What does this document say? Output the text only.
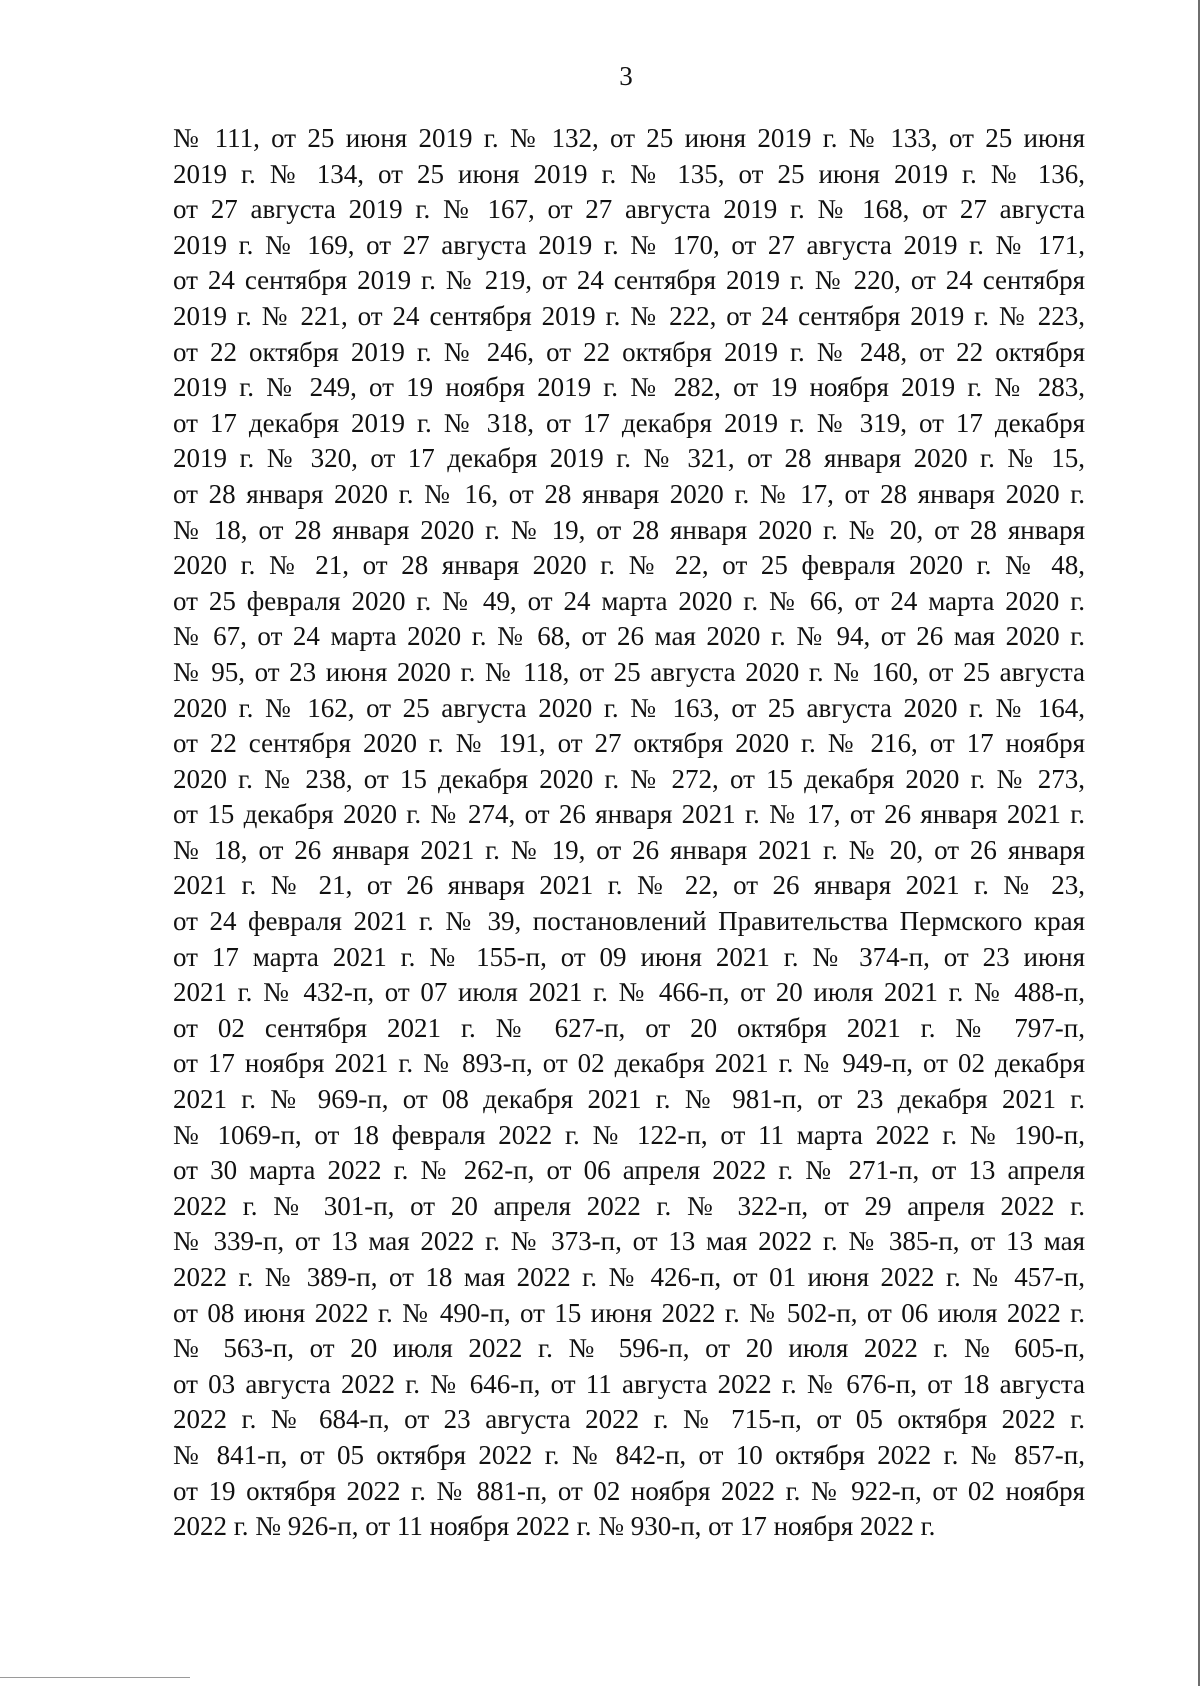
3
№ 111, от 25 июня 2019 г. № 132, от 25 июня 2019 г. № 133, от 25 июня
2019 г. № 134, от 25 июня 2019 г. № 135, от 25 июня 2019 г. № 136,
от 27 августа 2019 г. № 167, от 27 августа 2019 г. № 168, от 27 августа
2019 г. № 169, от 27 августа 2019 г. № 170, от 27 августа 2019 г. № 171,
от 24 сентября 2019 г. № 219, от 24 сентября 2019 г. № 220, от 24 сентября
2019 г. № 221, от 24 сентября 2019 г. № 222, от 24 сентября 2019 г. № 223,
от 22 октября 2019 г. № 246, от 22 октября 2019 г. № 248, от 22 октября
2019 г. № 249, от 19 ноября 2019 г. № 282, от 19 ноября 2019 г. № 283,
от 17 декабря 2019 г. № 318, от 17 декабря 2019 г. № 319, от 17 декабря
2019 г. № 320, от 17 декабря 2019 г. № 321, от 28 января 2020 г. № 15,
от 28 января 2020 г. № 16, от 28 января 2020 г. № 17, от 28 января 2020 г.
№ 18, от 28 января 2020 г. № 19, от 28 января 2020 г. № 20, от 28 января
2020 г. № 21, от 28 января 2020 г. № 22, от 25 февраля 2020 г. № 48,
от 25 февраля 2020 г. № 49, от 24 марта 2020 г. № 66, от 24 марта 2020 г.
№ 67, от 24 марта 2020 г. № 68, от 26 мая 2020 г. № 94, от 26 мая 2020 г.
№ 95, от 23 июня 2020 г. № 118, от 25 августа 2020 г. № 160, от 25 августа
2020 г. № 162, от 25 августа 2020 г. № 163, от 25 августа 2020 г. № 164,
от 22 сентября 2020 г. № 191, от 27 октября 2020 г. № 216, от 17 ноября
2020 г. № 238, от 15 декабря 2020 г. № 272, от 15 декабря 2020 г. № 273,
от 15 декабря 2020 г. № 274, от 26 января 2021 г. № 17, от 26 января 2021 г.
№ 18, от 26 января 2021 г. № 19, от 26 января 2021 г. № 20, от 26 января
2021 г. № 21, от 26 января 2021 г. № 22, от 26 января 2021 г. № 23,
от 24 февраля 2021 г. № 39, постановлений Правительства Пермского края
от 17 марта 2021 г. № 155-п, от 09 июня 2021 г. № 374-п, от 23 июня
2021 г. № 432-п, от 07 июля 2021 г. № 466-п, от 20 июля 2021 г. № 488-п,
от 02 сентября 2021 г. № 627-п, от 20 октября 2021 г. № 797-п,
от 17 ноября 2021 г. № 893-п, от 02 декабря 2021 г. № 949-п, от 02 декабря
2021 г. № 969-п, от 08 декабря 2021 г. № 981-п, от 23 декабря 2021 г.
№ 1069-п, от 18 февраля 2022 г. № 122-п, от 11 марта 2022 г. № 190-п,
от 30 марта 2022 г. № 262-п, от 06 апреля 2022 г. № 271-п, от 13 апреля
2022 г. № 301-п, от 20 апреля 2022 г. № 322-п, от 29 апреля 2022 г.
№ 339-п, от 13 мая 2022 г. № 373-п, от 13 мая 2022 г. № 385-п, от 13 мая
2022 г. № 389-п, от 18 мая 2022 г. № 426-п, от 01 июня 2022 г. № 457-п,
от 08 июня 2022 г. № 490-п, от 15 июня 2022 г. № 502-п, от 06 июля 2022 г.
№ 563-п, от 20 июля 2022 г. № 596-п, от 20 июля 2022 г. № 605-п,
от 03 августа 2022 г. № 646-п, от 11 августа 2022 г. № 676-п, от 18 августа
2022 г. № 684-п, от 23 августа 2022 г. № 715-п, от 05 октября 2022 г.
№ 841-п, от 05 октября 2022 г. № 842-п, от 10 октября 2022 г. № 857-п,
от 19 октября 2022 г. № 881-п, от 02 ноября 2022 г. № 922-п, от 02 ноября
2022 г. № 926-п, от 11 ноября 2022 г. № 930-п, от 17 ноября 2022 г.
